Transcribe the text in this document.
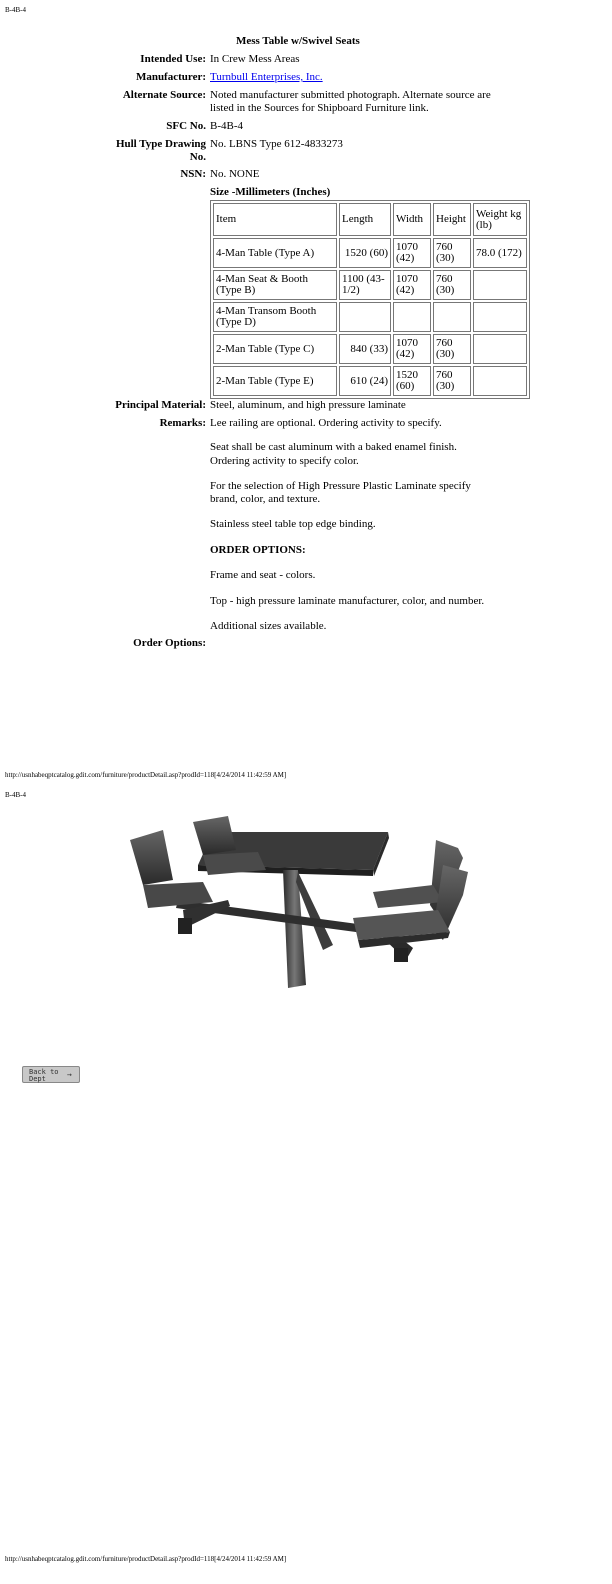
B-4B-4
Mess Table w/Swivel Seats
Intended Use: In Crew Mess Areas
Manufacturer: Turnbull Enterprises, Inc.
Alternate Source: Noted manufacturer submitted photograph. Alternate source are
listed in the Sources for Shipboard Furniture link.
SFC No. B-4B-4
Hull Type Drawing
No.
No. LBNS Type 612-4833273
NSN: No. NONE
Size -Millimeters (Inches)
Item	Length	Width	Height	Weight kg (lb)
4-Man Table (Type A)	1520 (60)	1070 (42)	760 (30)	78.0 (172)
4-Man Seat & Booth (Type B)	1100 (43-1/2)	1070 (42)	760 (30)	
4-Man Transom Booth (Type D)				
2-Man Table (Type C)	840 (33)	1070 (42)	760 (30)	
2-Man Table (Type E)	610 (24)	1520 (60)	760 (30)	
Principal Material: Steel, aluminum, and high pressure laminate
Remarks: Lee railing are optional. Ordering activity to specify.
Seat shall be cast aluminum with a baked enamel finish.
Ordering activity to specify color.
For the selection of High Pressure Plastic Laminate specify
brand, color, and texture.
Stainless steel table top edge binding.
ORDER OPTIONS:
Frame and seat - colors.
Top - high pressure laminate manufacturer, color, and number.
Additional sizes available.
Order Options:
http://usnhabeqptcatalog.gdit.com/furniture/productDetail.asp?prodId=118[4/24/2014 11:42:59 AM]
B-4B-4
Back to
Dept	→
http://usnhabeqptcatalog.gdit.com/furniture/productDetail.asp?prodId=118[4/24/2014 11:42:59 AM]
